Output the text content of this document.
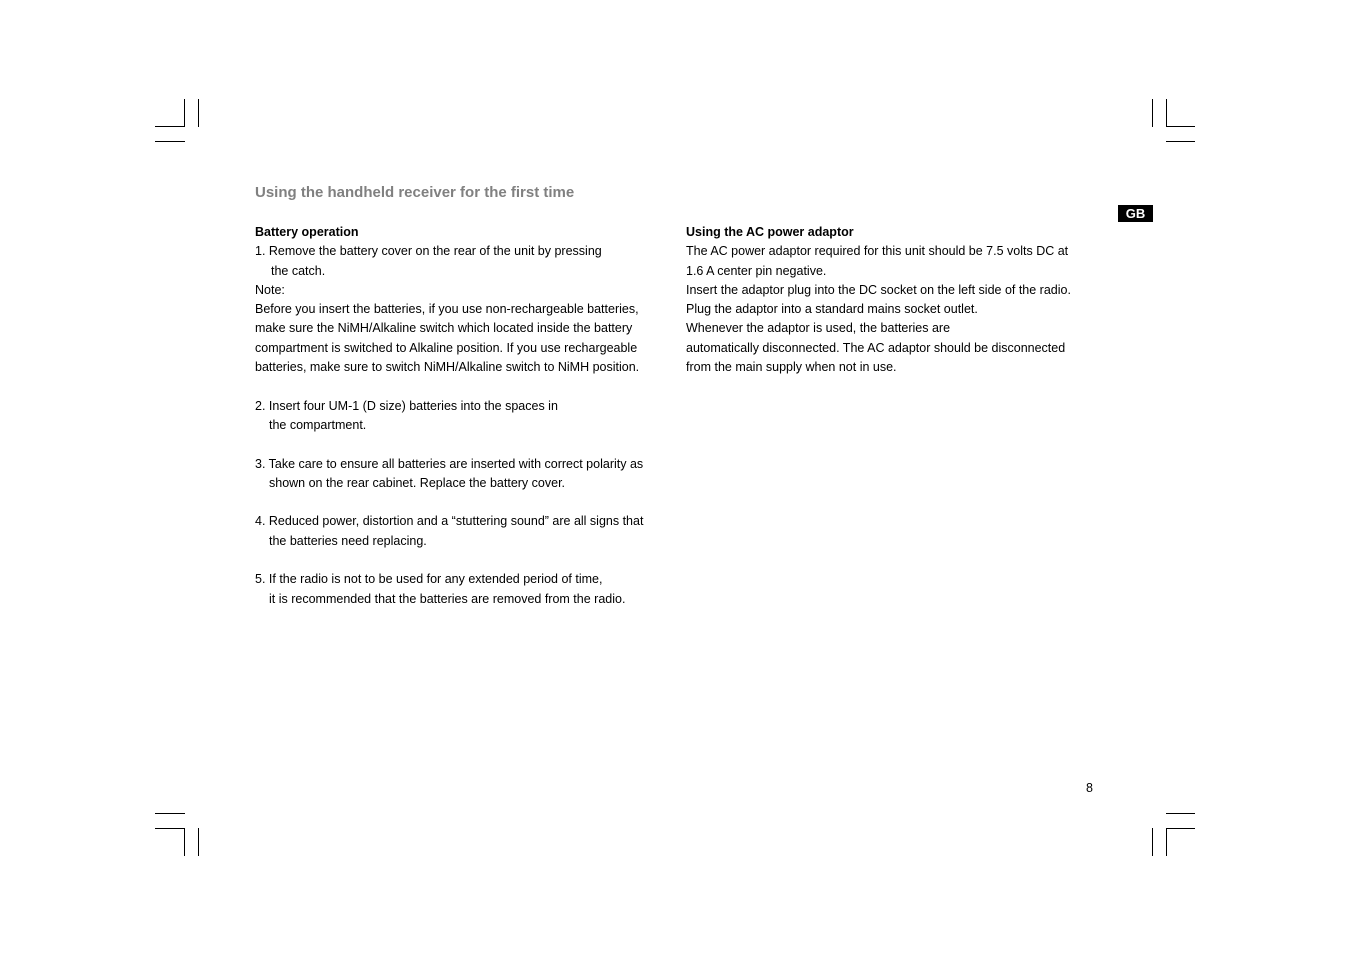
Using the handheld receiver for the first time
GB
Battery operation
1. Remove the battery cover on the rear of the unit by pressing
the catch.
Note:
Before you insert the batteries, if you use non-rechargeable batteries,
make sure the NiMH/Alkaline switch which located inside the battery
compartment is switched to Alkaline position. If you use rechargeable
batteries, make sure to switch NiMH/Alkaline switch to NiMH position.
2. Insert four UM-1 (D size) batteries into the spaces in
the compartment.
3. Take care to ensure all batteries are inserted with correct polarity as
shown on the rear cabinet. Replace the battery cover.
4. Reduced power, distortion and a “stuttering sound” are all signs that
the batteries need replacing.
5. If the radio is not to be used for any extended period of time,
it is recommended that the batteries are removed from the radio.
Using the AC power adaptor
The AC power adaptor required for this unit should be 7.5 volts DC at
1.6 A center pin negative.
Insert the adaptor plug into the DC socket on the left side of the radio.
Plug the adaptor into a standard mains socket outlet.
Whenever the adaptor is used, the batteries are
automatically disconnected. The AC adaptor should be disconnected
from the main supply when not in use.
8
